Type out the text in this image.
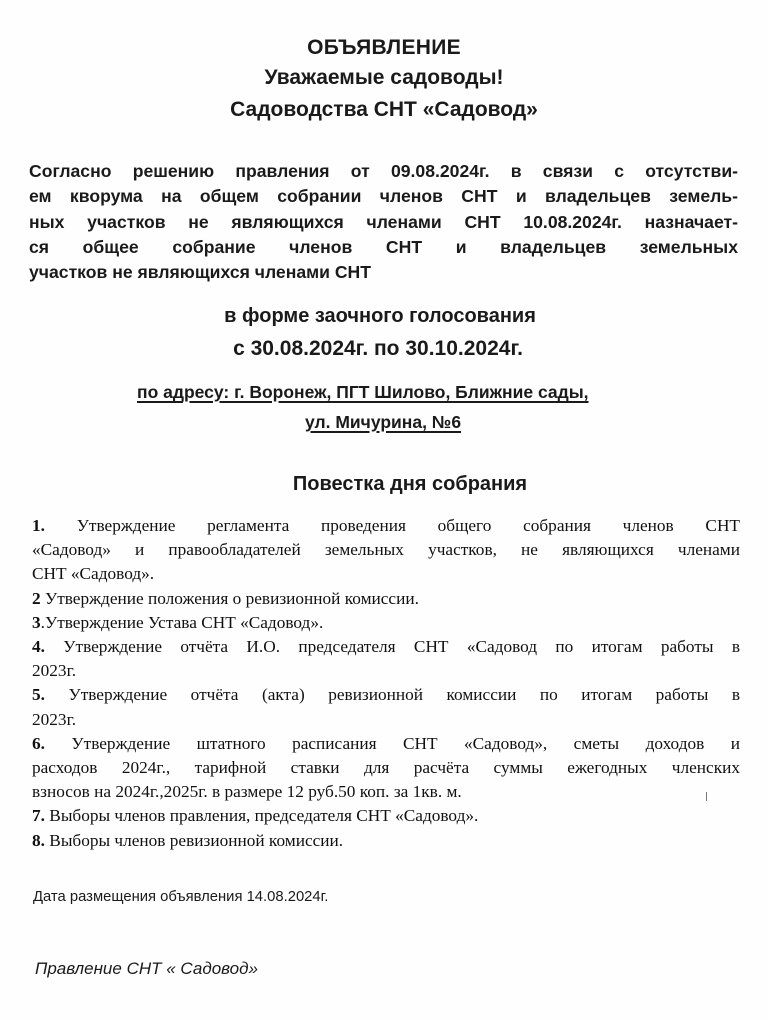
ОБЪЯВЛЕНИЕ
Уважаемые садоводы!
Садоводства СНТ «Садовод»
Согласно решению правления от 09.08.2024г. в связи с отсутстви-
ем кворума на общем собрании членов СНТ и владельцев земель-
ных участков не являющихся членами СНТ 10.08.2024г. назначает-
ся общее собрание членов СНТ и владельцев земельных
участков не являющихся членами СНТ
в форме заочного голосования
с 30.08.2024г. по 30.10.2024г.
по адресу: г. Воронеж, ПГТ Шилово, Ближние сады,
ул. Мичурина, №6
Повестка дня собрания
1. Утверждение регламента проведения общего собрания членов СНТ
«Садовод» и правообладателей земельных участков, не являющихся членами
СНТ «Садовод».
2 Утверждение положения о ревизионной комиссии.
3.Утверждение Устава СНТ «Садовод».
4. Утверждение отчёта И.О. председателя СНТ «Садовод по итогам работы в
2023г.
5. Утверждение отчёта (акта) ревизионной комиссии по итогам работы в
2023г.
6. Утверждение штатного расписания СНТ «Садовод», сметы доходов и
расходов 2024г., тарифной ставки для расчёта суммы ежегодных членских
взносов на 2024г.,2025г. в размере 12 руб.50 коп. за 1кв. м.
7. Выборы членов правления, председателя СНТ «Садовод».
8. Выборы членов ревизионной комиссии.
Дата размещения объявления 14.08.2024г.
Правление СНТ « Садовод»
